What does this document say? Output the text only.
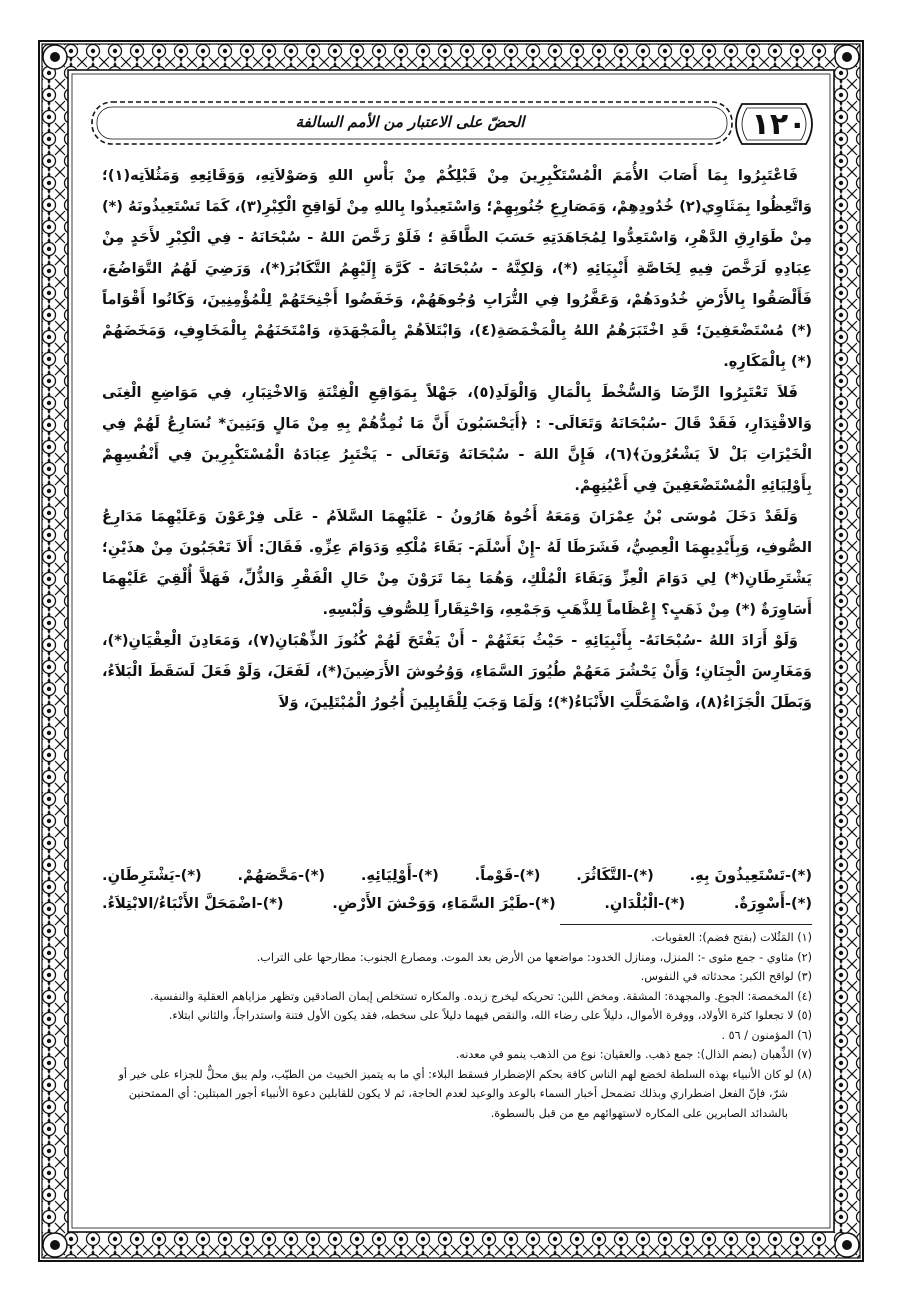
١٢٠
الحضّ على الاعتبار من الأمم السالفة

فَاعْتَبِرُوا بِمَا أَصَابَ الأُمَمَ الْمُسْتَكْبِرِينَ مِنْ قَبْلِكُمْ مِنْ بَأْسِ اللهِ وَصَوْلاَتِهِ، وَوَقَائِعِهِ وَمَثُلاَتِه(١)؛ وَاتَّعِظُوا بِمَثَاوِي(٢) خُدُودِهِمْ، وَمَصَارِعِ جُنُوبِهِمْ؛ وَاسْتَعِيذُوا بِاللهِ مِنْ لَوَاقِحِ الْكِبْرِ(٣)، كَمَا تَسْتَعِيذُونَهُ (*) مِنْ طَوَارِقِ الدَّهْرِ، وَاسْتَعِدُّوا لِمُجَاهَدَتِهِ حَسَبَ الطَّاقَةِ ؛ فَلَوْ رَخَّصَ اللهُ - سُبْحَانَهُ - فِي الْكِبْرِ لأَحَدٍ مِنْ عِبَادِهِ لَرَخَّصَ فِيهِ لِخَاصَّةِ أَنْبِيَائِهِ (*)، وَلكِنَّهُ - سُبْحَانَهُ - كَرَّهَ إِلَيْهِمُ التَّكَابُرَ(*)، وَرَضِيَ لَهُمُ التَّوَاضُعَ، فَأَلْصَقُوا بِالأَرْضِ خُدُودَهُمْ، وَعَفَّرُوا فِي التُّرَابِ وُجُوهَهُمْ، وَخَفَضُوا أَجْنِحَتَهُمْ لِلْمُؤْمِنِينَ، وَكَانُوا أَقْوَاماً (*) مُسْتَضْعَفِينَ؛ قَدِ اخْتَبَرَهُمُ اللهُ بِالْمَخْمَصَةِ(٤)، وَابْتَلاَهُمْ بِالْمَجْهَدَةِ، وَامْتَحَنَهُمْ بِالْمَخَاوِفِ، وَمَخَضَهُمْ (*) بِالْمَكَارِهِ.

فَلاَ تَعْتَبِرُوا الرِّضَا وَالسُّخْطَ بِالْمَالِ وَالْوَلَدِ(٥)، جَهْلاً بِمَوَاقِعِ الْفِتْنَةِ وَالاخْتِبَارِ، فِي مَوَاضِعِ الْغِنَى وَالاقْتِدَارِ، فَقَدْ قَالَ -سُبْحَانَهُ وَتَعَالَى- : ﴿أَيَحْسَبُونَ أَنَّ مَا نُمِدُّهُمْ بِهِ مِنْ مَالٍ وَبَنِينَ* نُسَارِعُ لَهُمْ فِي الْخَيْرَاتِ بَلْ لاَ يَشْعُرُونَ﴾(٦)، فَإِنَّ اللهَ - سُبْحَانَهُ وَتَعَالَى - يَخْتَبِرُ عِبَادَهُ الْمُسْتَكْبِرِينَ فِي أَنْفُسِهِمْ بِأَوْلِيَائِهِ الْمُسْتَضْعَفِينَ فِي أَعْيُنِهِمْ.

وَلَقَدْ دَخَلَ مُوسَى بْنُ عِمْرَانَ وَمَعَهُ أَخُوهُ هَارُونُ - عَلَيْهِمَا السَّلاَمُ - عَلَى فِرْعَوْنَ وَعَلَيْهِمَا مَدَارِعُ الصُّوفِ، وَبِأَيْدِيهِمَا الْعِصِيُّ، فَشَرَطَا لَهُ -إِنْ أَسْلَمَ- بَقَاءَ مُلْكِهِ وَدَوَامَ عِزِّهِ. فَقَالَ: أَلاَ تَعْجَبُونَ مِنْ هذَيْنِ؛ يَشْتَرِطَانِ(*) لِي دَوَامَ الْعِزِّ وَبَقَاءَ الْمُلْكِ، وَهُمَا بِمَا تَرَوْنَ مِنْ حَالِ الْفَقْرِ وَالذُّلِّ، فَهَلاَّ أُلْقِيَ عَلَيْهِمَا أَسَاوِرَةٌ (*) مِنْ ذَهَبٍ؟ إِعْظَاماً لِلذَّهَبِ وَجَمْعِهِ، وَاحْتِقَاراً لِلصُّوفِ وَلُبْسِهِ.

وَلَوْ أَرَادَ اللهُ -سُبْحَانَهُ- بِأَنْبِيَائِهِ - حَيْثُ بَعَثَهُمْ - أَنْ يَفْتَحَ لَهُمْ كُنُوزَ الذِّهْبَانِ(٧)، وَمَعَادِنَ الْعِقْيَانِ(*)، وَمَغَارِسَ الْجِنَانِ؛ وَأَنْ يَحْشُرَ مَعَهُمْ طُيُورَ السَّمَاءِ، وَوُحُوشَ الأَرَضِينَ(*)، لَفَعَلَ، وَلَوْ فَعَلَ لَسَقَطَ الْبَلاَءُ، وَبَطَلَ الْجَزَاءُ(٨)، وَاضْمَحَلَّتِ الأَنْبَاءُ(*)؛ وَلَمَا وَجَبَ لِلْقَابِلِينَ أُجُورُ الْمُبْتَلِينَ، وَلاَ

(*)-تَسْتَعِيذُونَ بِهِ.
(*)-التَّكَاثُرَ.
(*)-قَوْماً.
(*)-أَوْلِيَائِهِ.
(*)-مَحَّصَهُمْ.
(*)-يَشْتَرِطَانِ.
(*)-أَسْوِرَةٌ.
(*)-الْبُلْدَانِ.
(*)-طَيْرَ السَّمَاءِ، وَوَحْشَ الأَرْضِ.
(*)-اضْمَحَلَّ الأَنْبَاءُ/الابْتِلاَءُ.
(١) المَثُلات (بفتح فضم): العقوبات.
(٢) مثاوي - جمع مثوى -: المنزل، ومنازل الخدود: مواضعها من الأرض بعد الموت. ومصارع الجنوب: مطارحها على التراب.
(٣) لواقح الكبر: محدثاته في النفوس.
(٤) المخمصة: الجوع. والمجهدة: المشقة. ومخض اللبن: تحريكه ليخرج زبده. والمكاره تستخلص إيمان الصادقين وتظهر مزاياهم العقلية والنفسية.
(٥) لا تجعلوا كثرة الأولاد، ووفرة الأموال، دليلاً على رضاء الله، والنقص فيهما دليلاً على سخطه، فقد يكون الأول فتنة واستدراجاً، والثاني ابتلاء.
(٦) المؤمنون / ٥٦ .
(٧) الذِّهبان (بضم الذال): جمع ذهب. والعقيان: نوع من الذهب ينمو في معدنه.
(٨) لو كان الأنبياء بهذه السلطة لخضع لهم الناس كافة بحكم الإضطرار فسقط البلاء: أي ما به يتميز الخبيث من الطيّب، ولم يبق محلٌّ للجزاء على خير أو شرّ، فإنّ الفعل اضطراري وبذلك تضمحل أخبار السماء بالوعد والوعيد لعدم الحاجة، ثم لا يكون للقابلين دعوة الأنبياء أجور المبتلين: أي الممتحنين بالشدائد الصابرين على المكاره لاستهوائهم مع من قبل بالسطوة.
